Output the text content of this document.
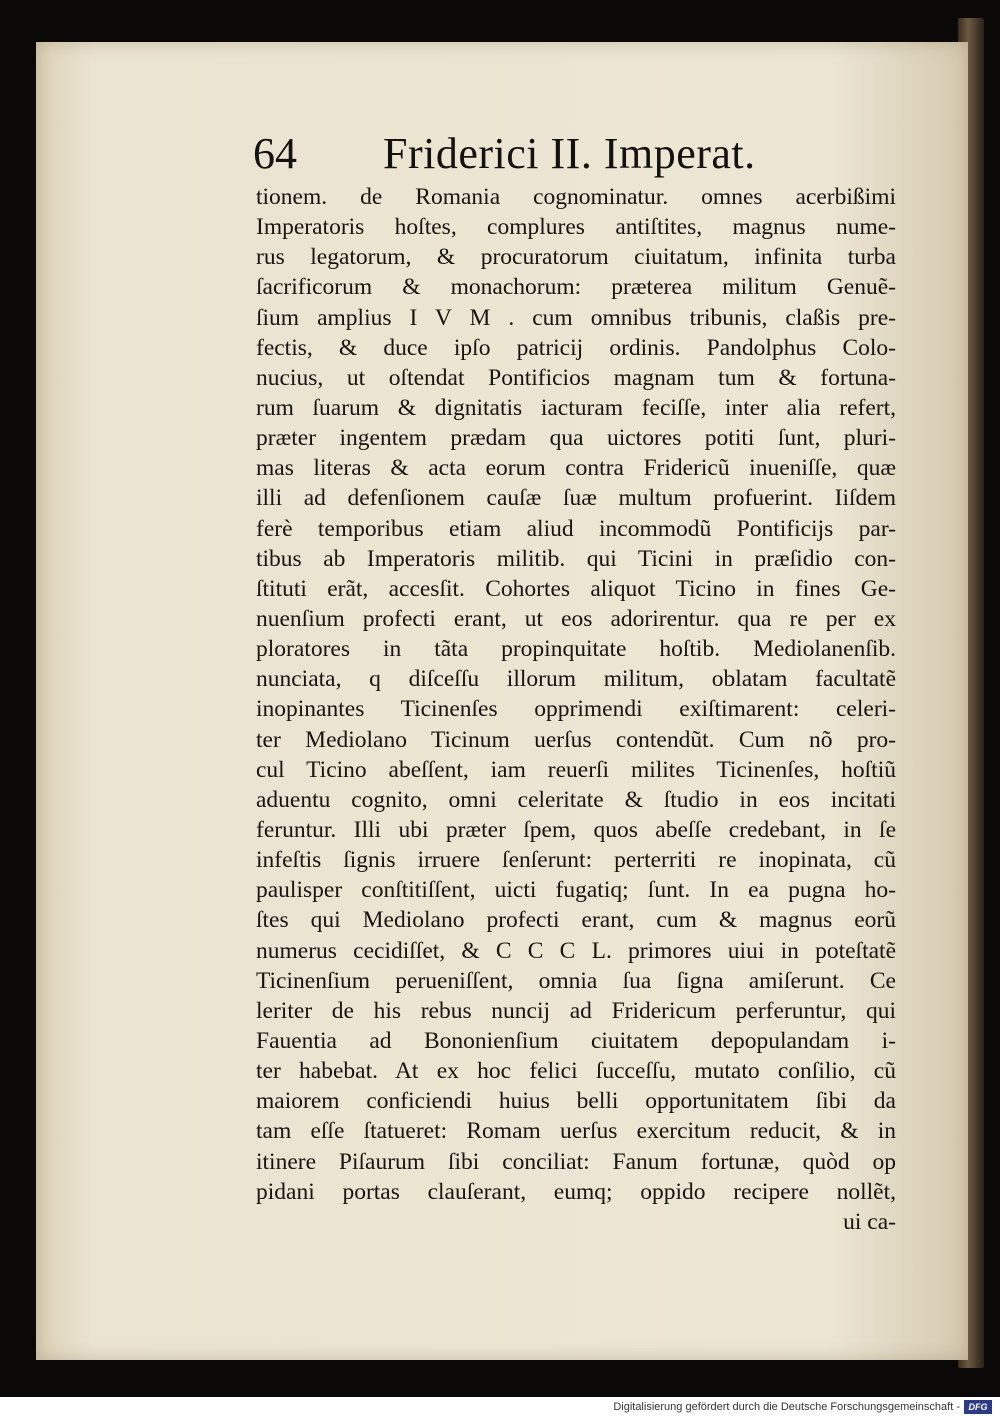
64 Friderici II. Imperat.
tionem. de Romania cognominatur. omnes acerbißimi
Imperatoris hoſtes, complures antiſtites, magnus nume-
rus legatorum, & procuratorum ciuitatum, infinita turba
ſacrificorum & monachorum: præterea militum Genuẽ-
ſium amplius I V M . cum omnibus tribunis, claßis pre-
fectis, & duce ipſo patricij ordinis. Pandolphus Colo-
nucius, ut oſtendat Pontificios magnam tum & fortuna-
rum ſuarum & dignitatis iacturam feciſſe, inter alia refert,
præter ingentem prædam qua uictores potiti ſunt, pluri-
mas literas & acta eorum contra Fridericũ inueniſſe, quæ
illi ad defenſionem cauſæ ſuæ multum profuerint. Iiſdem
ferè temporibus etiam aliud incommodũ Pontificijs par-
tibus ab Imperatoris militib. qui Ticini in præſidio con-
ſtituti erãt, accesſit. Cohortes aliquot Ticino in fines Ge-
nuenſium profecti erant, ut eos adorirentur. qua re per ex
ploratores in tãta propinquitate hoſtib. Mediolanenſib.
nunciata, q diſceſſu illorum militum, oblatam facultatẽ
inopinantes Ticinenſes opprimendi exiſtimarent: celeri-
ter Mediolano Ticinum uerſus contendũt. Cum nõ pro-
cul Ticino abeſſent, iam reuerſi milites Ticinenſes, hoſtiũ
aduentu cognito, omni celeritate & ſtudio in eos incitati
feruntur. Illi ubi præter ſpem, quos abeſſe credebant, in ſe
infeſtis ſignis irruere ſenſerunt: perterriti re inopinata, cũ
paulisper conſtitiſſent, uicti fugatiq; ſunt. In ea pugna ho-
ſtes qui Mediolano profecti erant, cum & magnus eorũ
numerus cecidiſſet, & C C C L. primores uiui in poteſtatẽ
Ticinenſium perueniſſent, omnia ſua ſigna amiſerunt. Ce
leriter de his rebus nuncij ad Fridericum perferuntur, qui
Fauentia ad Bononienſium ciuitatem depopulandam i-
ter habebat. At ex hoc felici ſucceſſu, mutato conſilio, cũ
maiorem conficiendi huius belli opportunitatem ſibi da
tam eſſe ſtatueret: Romam uerſus exercitum reducit, & in
itinere Piſaurum ſibi conciliat: Fanum fortunæ, quòd op
pidani portas clauſerant, eumq; oppido recipere nollẽt,
ui ca-
Digitalisierung gefördert durch die Deutsche Forschungsgemeinschaft - DFG
